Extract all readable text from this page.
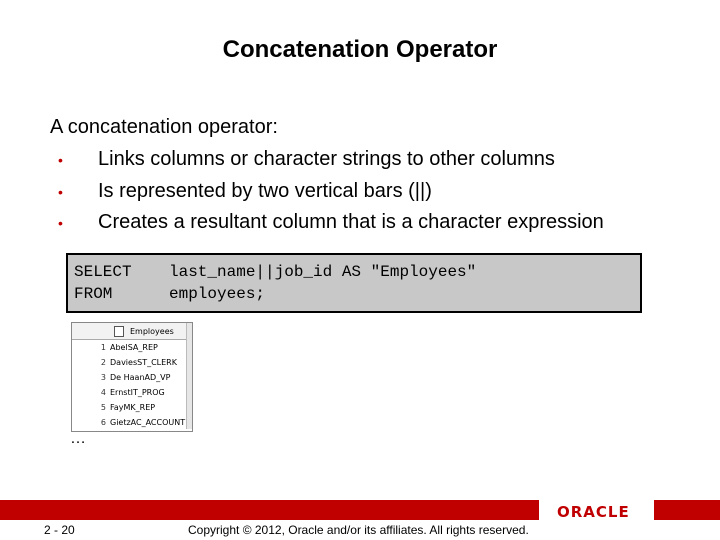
Concatenation Operator
A concatenation operator:
•	Links columns or character strings to other columns
•	Is represented by two vertical bars (||)
•	Creates a resultant column that is a character expression
SELECT last_name||job_id AS "Employees"
FROM	employees;
Employees
1 AbelSA_REP
2 DaviesST_CLERK
3 De HaanAD_VP
4 ErnstIT_PROG
5 FayMK_REP
6 GietzAC_ACCOUNT
…
ORACLE
2 - 20	Copyright © 2012, Oracle and/or its affiliates. All rights reserved.
